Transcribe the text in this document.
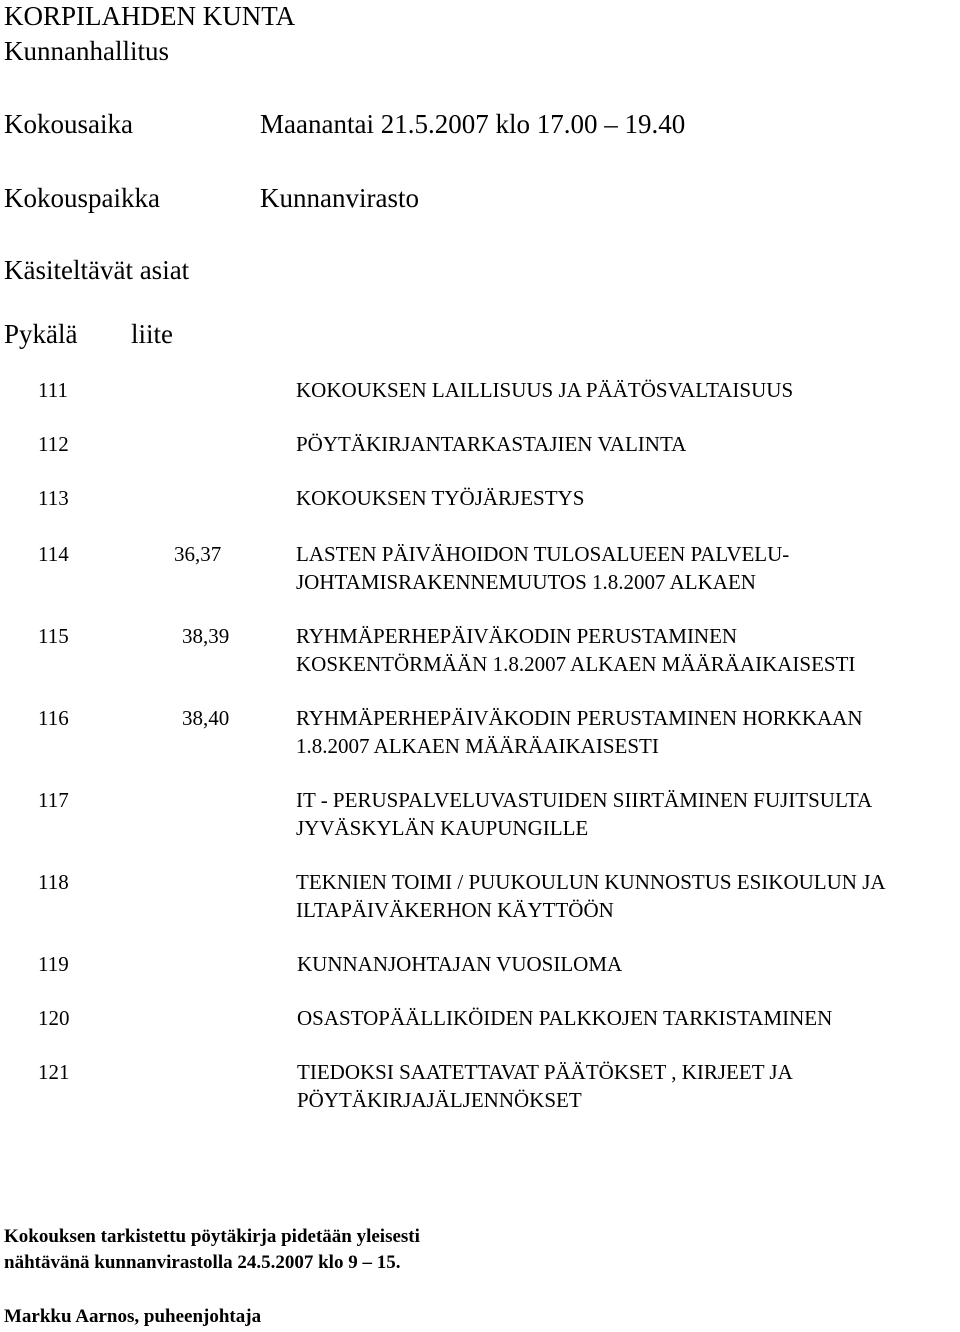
KORPILAHDEN KUNTA
Kunnanhallitus
Kokousaika	Maanantai 21.5.2007 klo 17.00 – 19.40
Kokouspaikka	Kunnanvirasto
Käsiteltävät asiat
Pykälä liite
111	KOKOUKSEN LAILLISUUS JA PÄÄTÖSVALTAISUUS
112	PÖYTÄKIRJANTARKASTAJIEN VALINTA
113	KOKOUKSEN TYÖJÄRJESTYS
114	36,37	LASTEN PÄIVÄHOIDON TULOSALUEEN PALVELU-
JOHTAMISRAKENNEMUUTOS 1.8.2007 ALKAEN
115	38,39	RYHMÄPERHEPÄIVÄKODIN PERUSTAMINEN
KOSKENTÖRMÄÄN 1.8.2007 ALKAEN MÄÄRÄAIKAISESTI
116	38,40	RYHMÄPERHEPÄIVÄKODIN PERUSTAMINEN HORKKAAN
1.8.2007 ALKAEN MÄÄRÄAIKAISESTI
117	IT - PERUSPALVELUVASTUIDEN SIIRTÄMINEN FUJITSULTA
JYVÄSKYLÄN KAUPUNGILLE
118	TEKNIEN TOIMI / PUUKOULUN KUNNOSTUS ESIKOULUN JA
ILTAPÄIVÄKERHON KÄYTTÖÖN
119	KUNNANJOHTAJAN VUOSILOMA
120	OSASTOPÄÄLLIKÖIDEN PALKKOJEN TARKISTAMINEN
121	TIEDOKSI SAATETTAVAT PÄÄTÖKSET , KIRJEET JA
PÖYTÄKIRJAJÄLJENNÖKSET
Kokouksen tarkistettu pöytäkirja pidetään yleisesti
nähtävänä kunnanvirastolla 24.5.2007 klo 9 – 15.
Markku Aarnos, puheenjohtaja
